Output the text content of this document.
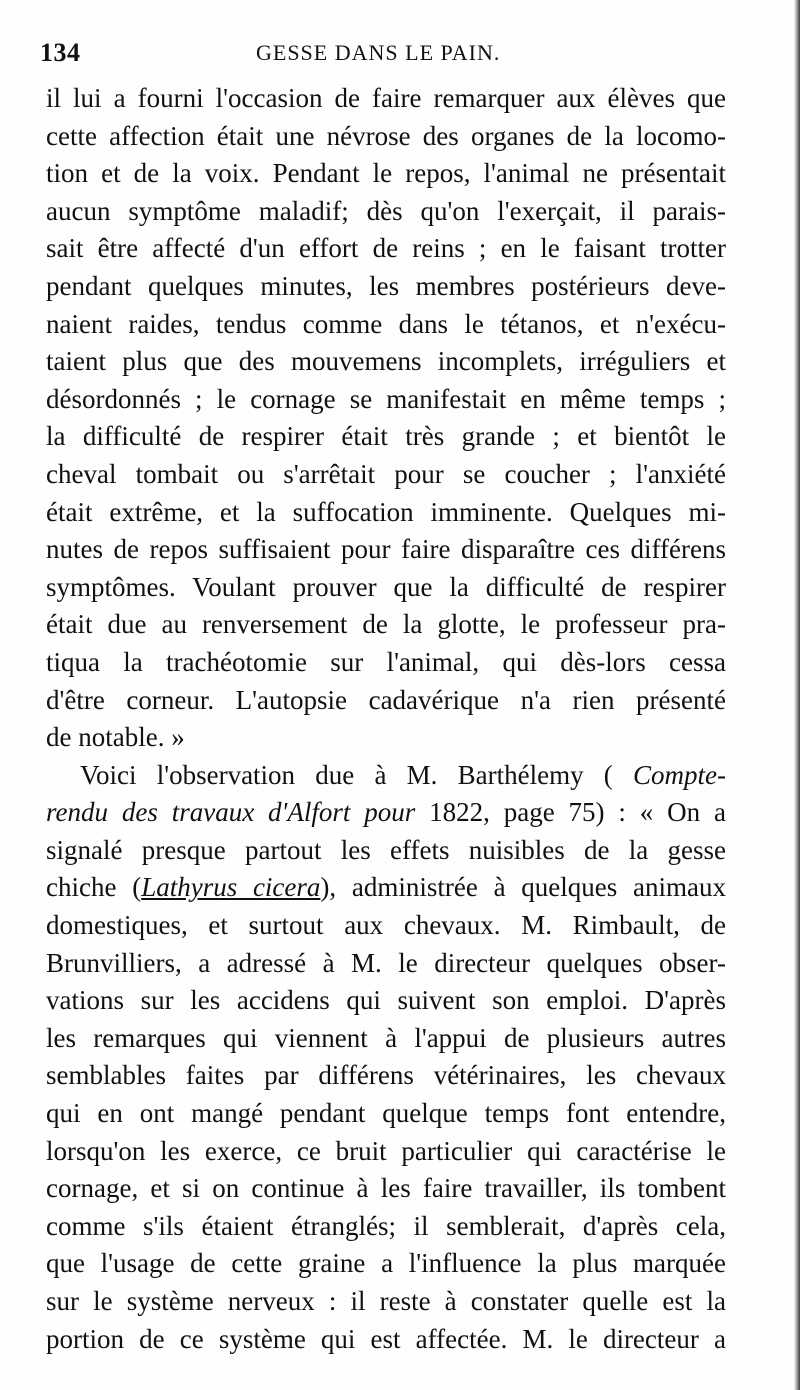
134	GESSE DANS LE PAIN.
il lui a fourni l'occasion de faire remarquer aux élèves que
cette affection était une névrose des organes de la locomo-
tion et de la voix. Pendant le repos, l'animal ne présentait
aucun symptôme maladif; dès qu'on l'exerçait, il parais-
sait être affecté d'un effort de reins ; en le faisant trotter
pendant quelques minutes, les membres postérieurs deve-
naient raides, tendus comme dans le tétanos, et n'exécu-
taient plus que des mouvemens incomplets, irréguliers et
désordonnés ; le cornage se manifestait en même temps ;
la difficulté de respirer était très grande ; et bientôt le
cheval tombait ou s'arrêtait pour se coucher ; l'anxiété
était extrême, et la suffocation imminente. Quelques mi-
nutes de repos suffisaient pour faire disparaître ces différens
symptômes. Voulant prouver que la difficulté de respirer
était due au renversement de la glotte, le professeur pra-
tiqua la trachéotomie sur l'animal, qui dès-lors cessa
d'être corneur. L'autopsie cadavérique n'a rien présenté
de notable. »
Voici l'observation due à M. Barthélemy ( Compte-
rendu des travaux d'Alfort pour 1822, page 75) : « On a
signalé presque partout les effets nuisibles de la gesse
chiche (Lathyrus cicera), administrée à quelques animaux
domestiques, et surtout aux chevaux. M. Rimbault, de
Brunvilliers, a adressé à M. le directeur quelques obser-
vations sur les accidens qui suivent son emploi. D'après
les remarques qui viennent à l'appui de plusieurs autres
semblables faites par différens vétérinaires, les chevaux
qui en ont mangé pendant quelque temps font entendre,
lorsqu'on les exerce, ce bruit particulier qui caractérise le
cornage, et si on continue à les faire travailler, ils tombent
comme s'ils étaient étranglés; il semblerait, d'après cela,
que l'usage de cette graine a l'influence la plus marquée
sur le système nerveux : il reste à constater quelle est la
portion de ce système qui est affectée. M. le directeur a
